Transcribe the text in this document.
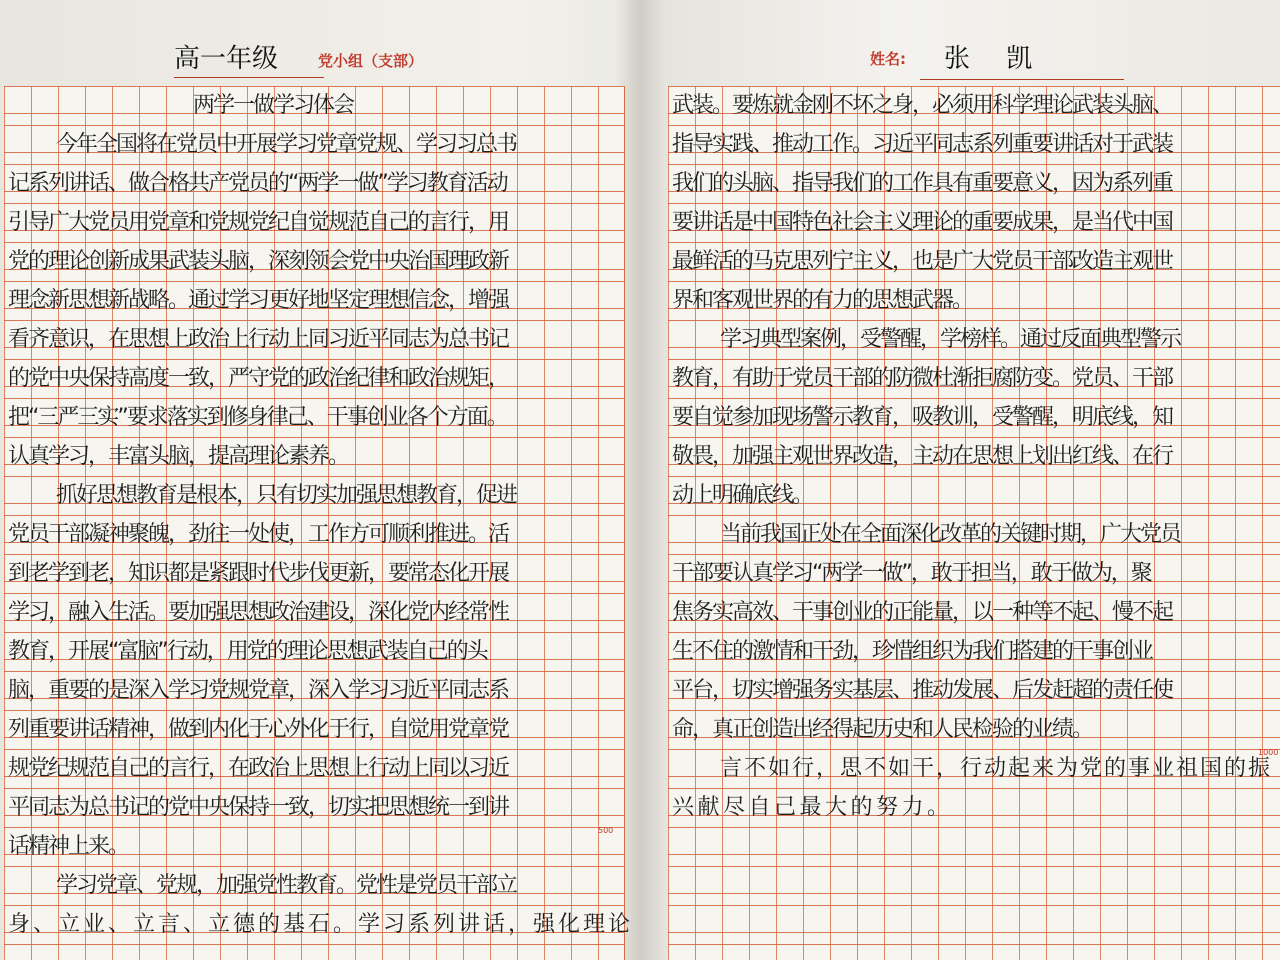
高一年级	党小组（支部）
两学一做学习体会
今年全国将在党员中开展学习党章党规、学习习总书
记系列讲话、做合格共产党员的“两学一做”学习教育活动
引导广大党员用党章和党规党纪自觉规范自己的言行，用
党的理论创新成果武装头脑，深刻领会党中央治国理政新
理念新思想新战略。通过学习更好地坚定理想信念，增强
看齐意识，在思想上政治上行动上同习近平同志为总书记
的党中央保持高度一致，严守党的政治纪律和政治规矩，
把“三严三实”要求落实到修身律己、干事创业各个方面。
认真学习，丰富头脑，提高理论素养。
抓好思想教育是根本，只有切实加强思想教育，促进
党员干部凝神聚魄，劲往一处使，工作方可顺利推进。活
到老学到老，知识都是紧跟时代步伐更新，要常态化开展
学习，融入生活。要加强思想政治建设，深化党内经常性
教育，开展“富脑”行动，用党的理论思想武装自己的头
脑，重要的是深入学习党规党章，深入学习习近平同志系
列重要讲话精神，做到内化于心外化于行，自觉用党章党
规党纪规范自己的言行，在政治上思想上行动上同以习近
平同志为总书记的党中央保持一致，切实把思想统一到讲
话精神上来。
学习党章、党规，加强党性教育。党性是党员干部立
身、立业、立言、立德的基石。学习系列讲话，强化理论
500
姓名:	张 凯
武装。要炼就金刚不坏之身，必须用科学理论武装头脑、
指导实践、推动工作。习近平同志系列重要讲话对于武装
我们的头脑、指导我们的工作具有重要意义，因为系列重
要讲话是中国特色社会主义理论的重要成果，是当代中国
最鲜活的马克思列宁主义，也是广大党员干部改造主观世
界和客观世界的有力的思想武器。
学习典型案例，受警醒，学榜样。通过反面典型警示
教育，有助于党员干部的防微杜渐拒腐防变。党员、干部
要自觉参加现场警示教育，吸教训，受警醒，明底线，知
敬畏，加强主观世界改造，主动在思想上划出红线、在行
动上明确底线。
当前我国正处在全面深化改革的关键时期，广大党员
干部要认真学习“两学一做”，敢于担当，敢于做为，聚
焦务实高效、干事创业的正能量，以一种等不起、慢不起
生不住的激情和干劲，珍惜组织为我们搭建的干事创业
平台，切实增强务实基层、推动发展、后发赶超的责任使
命，真正创造出经得起历史和人民检验的业绩。
言不如行，思不如干，行动起来为党的事业祖国的振
兴献尽自己最大的努力。
1000
